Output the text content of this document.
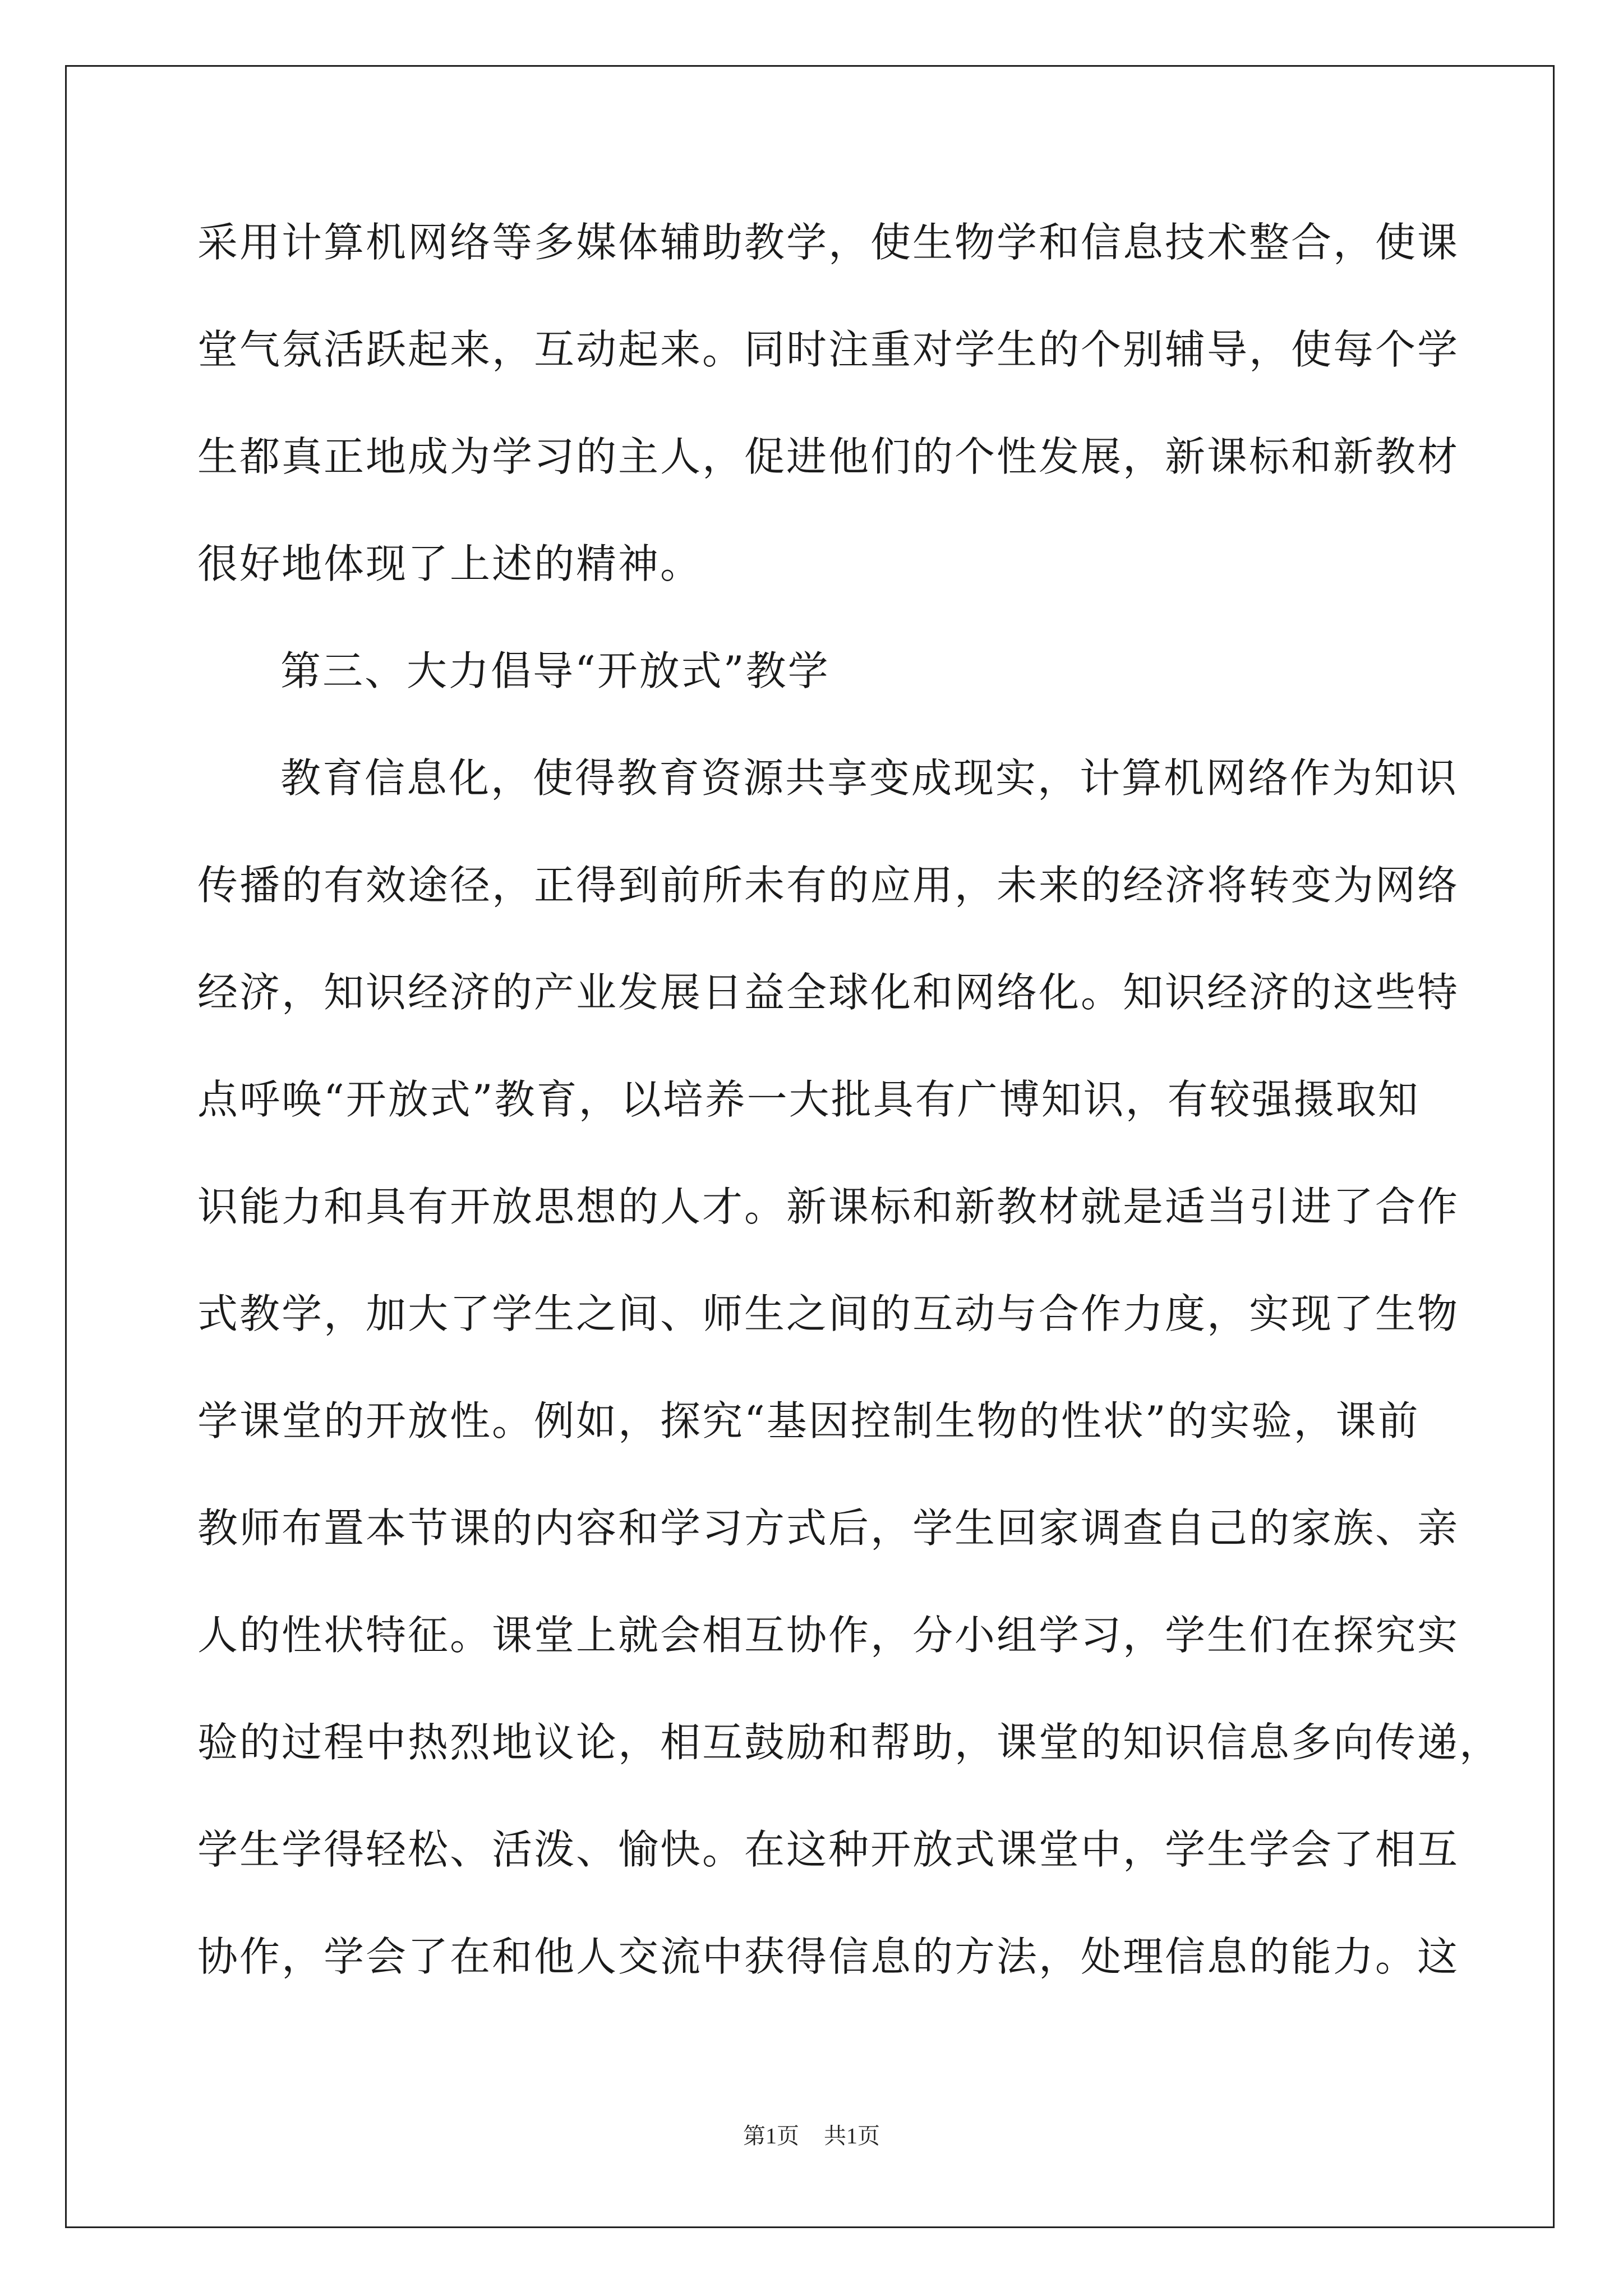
采用计算机网络等多媒体辅助教学，使生物学和信息技术整合，使课
堂气氛活跃起来，互动起来。同时注重对学生的个别辅导，使每个学
生都真正地成为学习的主人，促进他们的个性发展，新课标和新教材
很好地体现了上述的精神。
第三、大力倡导“开放式”教学
教育信息化，使得教育资源共享变成现实，计算机网络作为知识
传播的有效途径，正得到前所未有的应用，未来的经济将转变为网络
经济，知识经济的产业发展日益全球化和网络化。知识经济的这些特
点呼唤“开放式”教育，以培养一大批具有广博知识，有较强摄取知
识能力和具有开放思想的人才。新课标和新教材就是适当引进了合作
式教学，加大了学生之间、师生之间的互动与合作力度，实现了生物
学课堂的开放性。例如，探究“基因控制生物的性状”的实验，课前
教师布置本节课的内容和学习方式后，学生回家调查自己的家族、亲
人的性状特征。课堂上就会相互协作，分小组学习，学生们在探究实
验的过程中热烈地议论，相互鼓励和帮助，课堂的知识信息多向传递，
学生学得轻松、活泼、愉快。在这种开放式课堂中，学生学会了相互
协作，学会了在和他人交流中获得信息的方法，处理信息的能力。这
第1页 共1页
